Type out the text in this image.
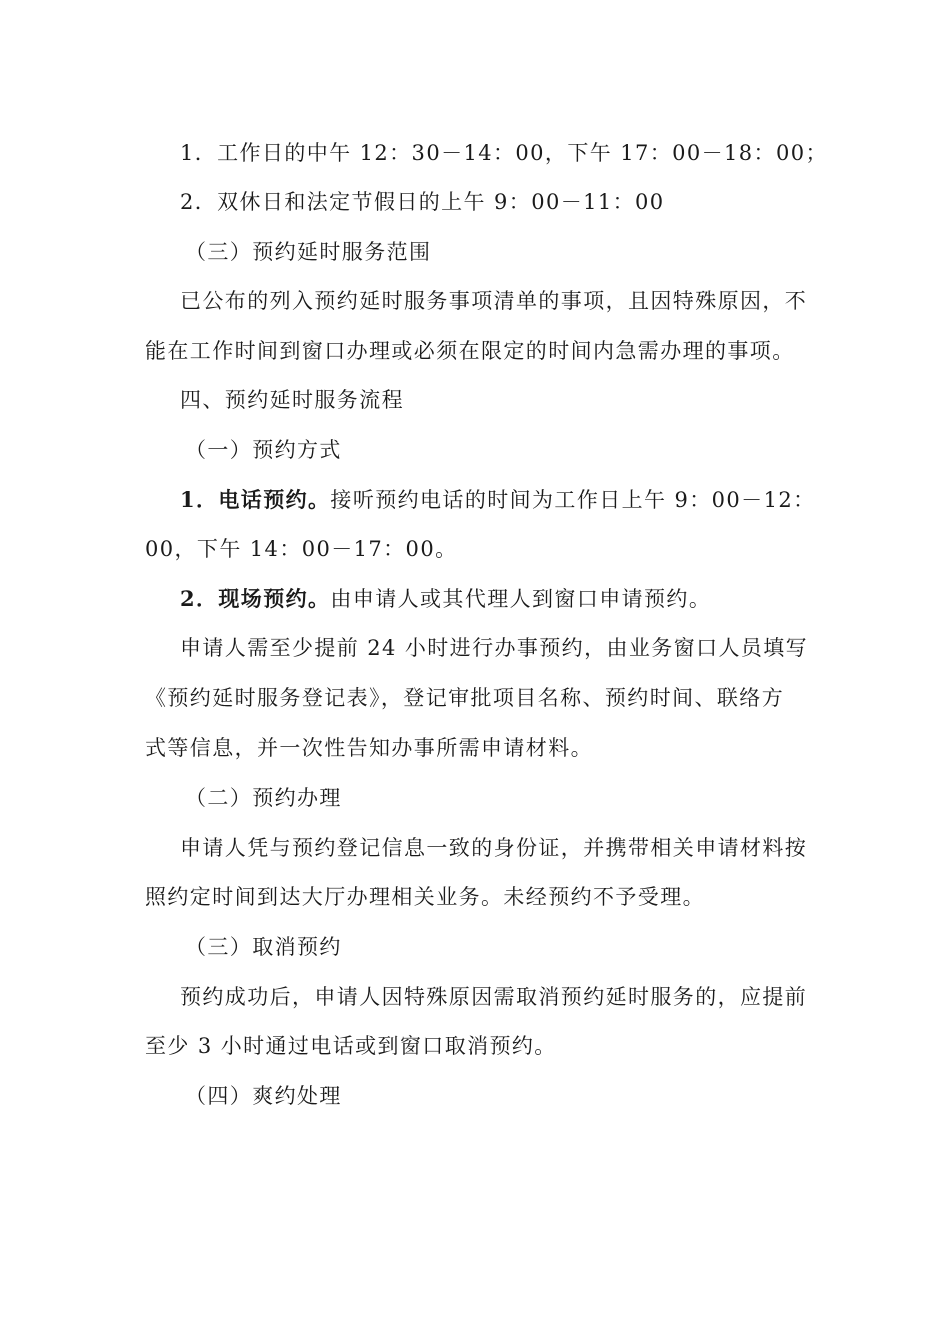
1．工作日的中午 12：30－14：00，下午 17：00－18：00；
2．双休日和法定节假日的上午 9：00－11：00
（三）预约延时服务范围
已公布的列入预约延时服务事项清单的事项，且因特殊原因，不
能在工作时间到窗口办理或必须在限定的时间内急需办理的事项。
四、预约延时服务流程
（一）预约方式
1．电话预约。接听预约电话的时间为工作日上午 9：00－12：
00，下午 14：00－17：00。
2．现场预约。由申请人或其代理人到窗口申请预约。
申请人需至少提前 24 小时进行办事预约，由业务窗口人员填写
《预约延时服务登记表》，登记审批项目名称、预约时间、联络方
式等信息，并一次性告知办事所需申请材料。
（二）预约办理
申请人凭与预约登记信息一致的身份证，并携带相关申请材料按
照约定时间到达大厅办理相关业务。未经预约不予受理。
（三）取消预约
预约成功后，申请人因特殊原因需取消预约延时服务的，应提前
至少 3 小时通过电话或到窗口取消预约。
（四）爽约处理
